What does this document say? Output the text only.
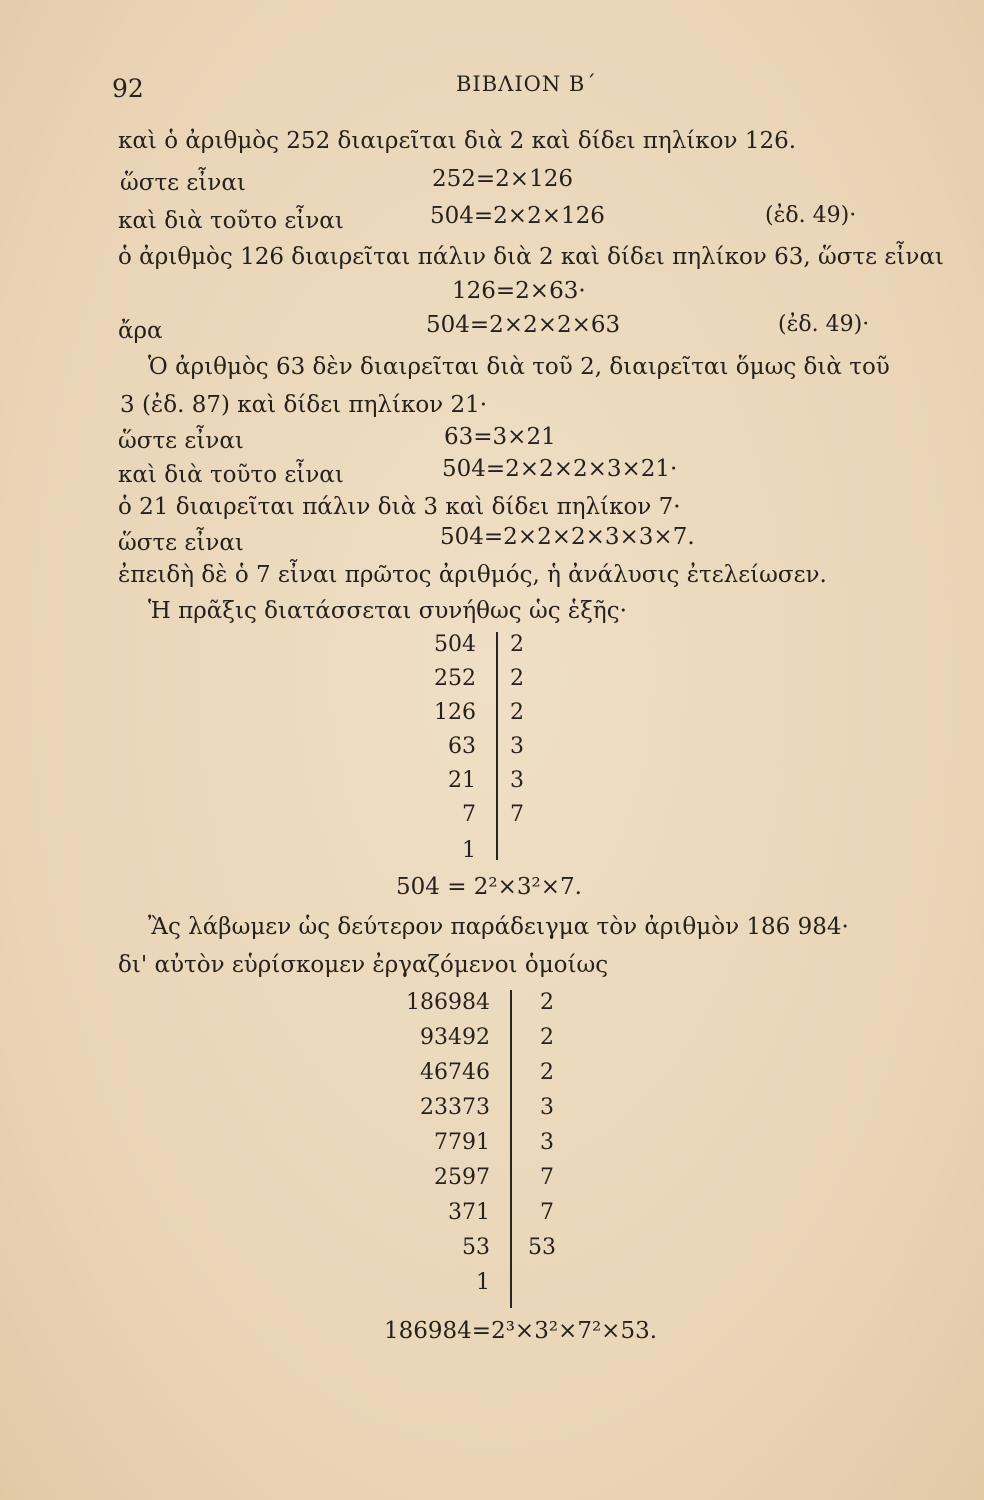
92	ΒΙΒΛΙΟΝ Β΄
καὶ ὁ ἀριθμὸς 252 διαιρεῖται διὰ 2 καὶ δίδει πηλίκον 126.
ὥστε εἶναι	252=2×126
καὶ διὰ τοῦτο εἶναι	504=2×2×126	(ἐδ. 49)·
ὁ ἀριθμὸς 126 διαιρεῖται πάλιν διὰ 2 καὶ δίδει πηλίκον 63, ὥστε εἶναι
126=2×63·
ἄρα	504=2×2×2×63	(ἐδ. 49)·
Ὁ ἀριθμὸς 63 δὲν διαιρεῖται διὰ τοῦ 2, διαιρεῖται ὅμως διὰ τοῦ
3 (ἐδ. 87) καὶ δίδει πηλίκον 21·
ὥστε εἶναι	63=3×21
καὶ διὰ τοῦτο εἶναι	504=2×2×2×3×21·
ὁ 21 διαιρεῖται πάλιν διὰ 3 καὶ δίδει πηλίκον 7·
ὥστε εἶναι	504=2×2×2×3×3×7.
ἐπειδὴ δὲ ὁ 7 εἶναι πρῶτος ἀριθμός, ἡ ἀνάλυσις ἐτελείωσεν.
Ἡ πρᾶξις διατάσσεται συνήθως ὡς ἑξῆς·
504 2
252 2
126 2
63 3
21 3
7 7
1
504 = 2²×3²×7.
Ἂς λάβωμεν ὡς δεύτερον παράδειγμα τὸν ἀριθμὸν 186 984·
δι' αὐτὸν εὑρίσκομεν ἐργαζόμενοι ὁμοίως
186984 2
93492 2
46746 2
23373 3
7791 3
2597 7
371 7
53 53
1
186984=2³×3²×7²×53.
